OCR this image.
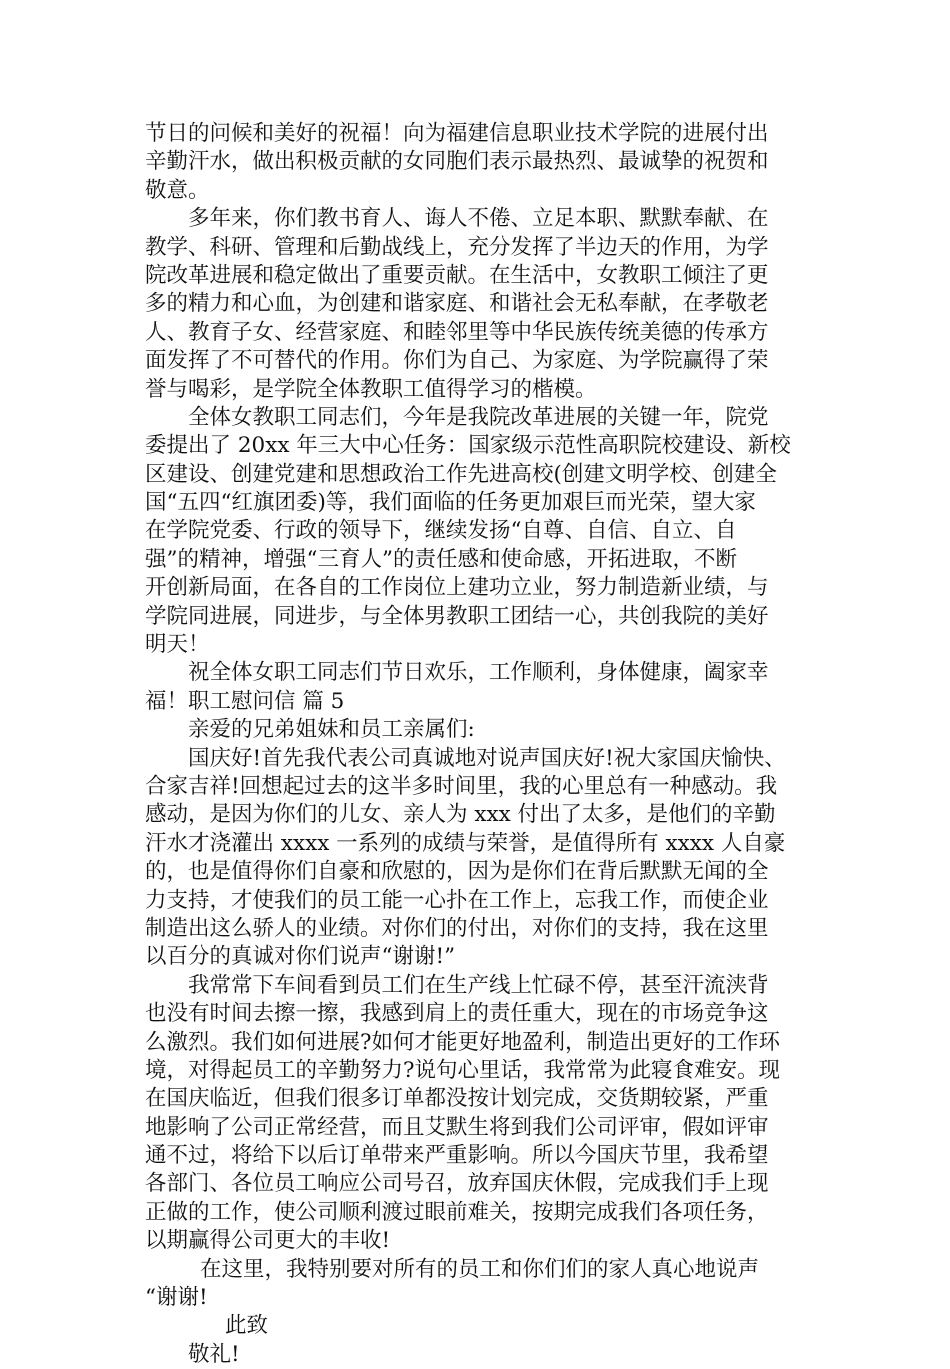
节日的问候和美好的祝福！向为福建信息职业技术学院的进展付出
辛勤汗水，做出积极贡献的女同胞们表示最热烈、最诚挚的祝贺和
敬意。
多年来，你们教书育人、诲人不倦、立足本职、默默奉献、在
教学、科研、管理和后勤战线上，充分发挥了半边天的作用，为学
院改革进展和稳定做出了重要贡献。在生活中，女教职工倾注了更
多的精力和心血，为创建和谐家庭、和谐社会无私奉献，在孝敬老
人、教育子女、经营家庭、和睦邻里等中华民族传统美德的传承方
面发挥了不可替代的作用。你们为自己、为家庭、为学院赢得了荣
誉与喝彩，是学院全体教职工值得学习的楷模。
全体女教职工同志们，今年是我院改革进展的关键一年，院党
委提出了 20xx 年三大中心任务：国家级示范性高职院校建设、新校
区建设、创建党建和思想政治工作先进高校(创建文明学校、创建全
国“五四“红旗团委)等，我们面临的任务更加艰巨而光荣，望大家
在学院党委、行政的领导下，继续发扬“自尊、自信、自立、自
强”的精神，增强“三育人”的责任感和使命感，开拓进取，不断
开创新局面，在各自的工作岗位上建功立业，努力制造新业绩，与
学院同进展，同进步，与全体男教职工团结一心，共创我院的美好
明天！
祝全体女职工同志们节日欢乐，工作顺利，身体健康，阖家幸
福！职工慰问信 篇 5
亲爱的兄弟姐妹和员工亲属们:
国庆好!首先我代表公司真诚地对说声国庆好!祝大家国庆愉快、
合家吉祥!回想起过去的这半多时间里，我的心里总有一种感动。我
感动，是因为你们的儿女、亲人为 xxx 付出了太多，是他们的辛勤
汗水才浇灌出 xxxx 一系列的成绩与荣誉，是值得所有 xxxx 人自豪
的，也是值得你们自豪和欣慰的，因为是你们在背后默默无闻的全
力支持，才使我们的员工能一心扑在工作上，忘我工作，而使企业
制造出这么骄人的业绩。对你们的付出，对你们的支持，我在这里
以百分的真诚对你们说声“谢谢!”
我常常下车间看到员工们在生产线上忙碌不停，甚至汗流浃背
也没有时间去擦一擦，我感到肩上的责任重大，现在的市场竞争这
么激烈。我们如何进展?如何才能更好地盈利，制造出更好的工作环
境，对得起员工的辛勤努力?说句心里话，我常常为此寝食难安。现
在国庆临近，但我们很多订单都没按计划完成，交货期较紧，严重
地影响了公司正常经营，而且艾默生将到我们公司评审，假如评审
通不过，将给下以后订单带来严重影响。所以今国庆节里，我希望
各部门、各位员工响应公司号召，放弃国庆休假，完成我们手上现
正做的工作，使公司顺利渡过眼前难关，按期完成我们各项任务，
以期赢得公司更大的丰收!
在这里，我特别要对所有的员工和你们们的家人真心地说声
“谢谢!
此致
敬礼!
